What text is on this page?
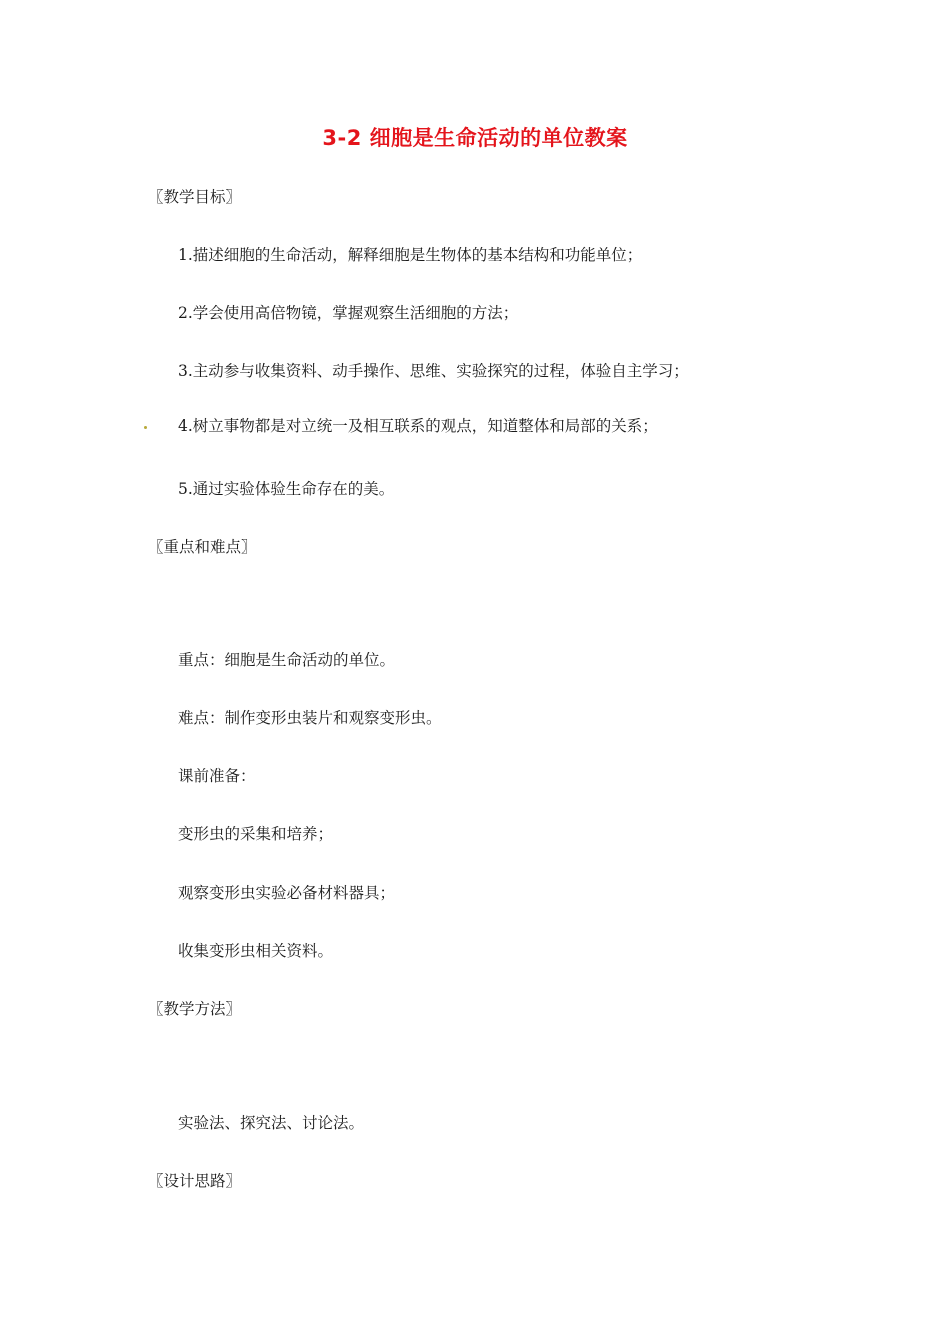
3-2 细胞是生命活动的单位教案
〖教学目标〗
1.描述细胞的生命活动，解释细胞是生物体的基本结构和功能单位；
2.学会使用高倍物镜，掌握观察生活细胞的方法；
3.主动参与收集资料、动手操作、思维、实验探究的过程，体验自主学习；
4.树立事物都是对立统一及相互联系的观点，知道整体和局部的关系；
5.通过实验体验生命存在的美。
〖重点和难点〗
重点：细胞是生命活动的单位。
难点：制作变形虫装片和观察变形虫。
课前准备：
变形虫的采集和培养；
观察变形虫实验必备材料器具；
收集变形虫相关资料。
〖教学方法〗
实验法、探究法、讨论法。
〖设计思路〗
